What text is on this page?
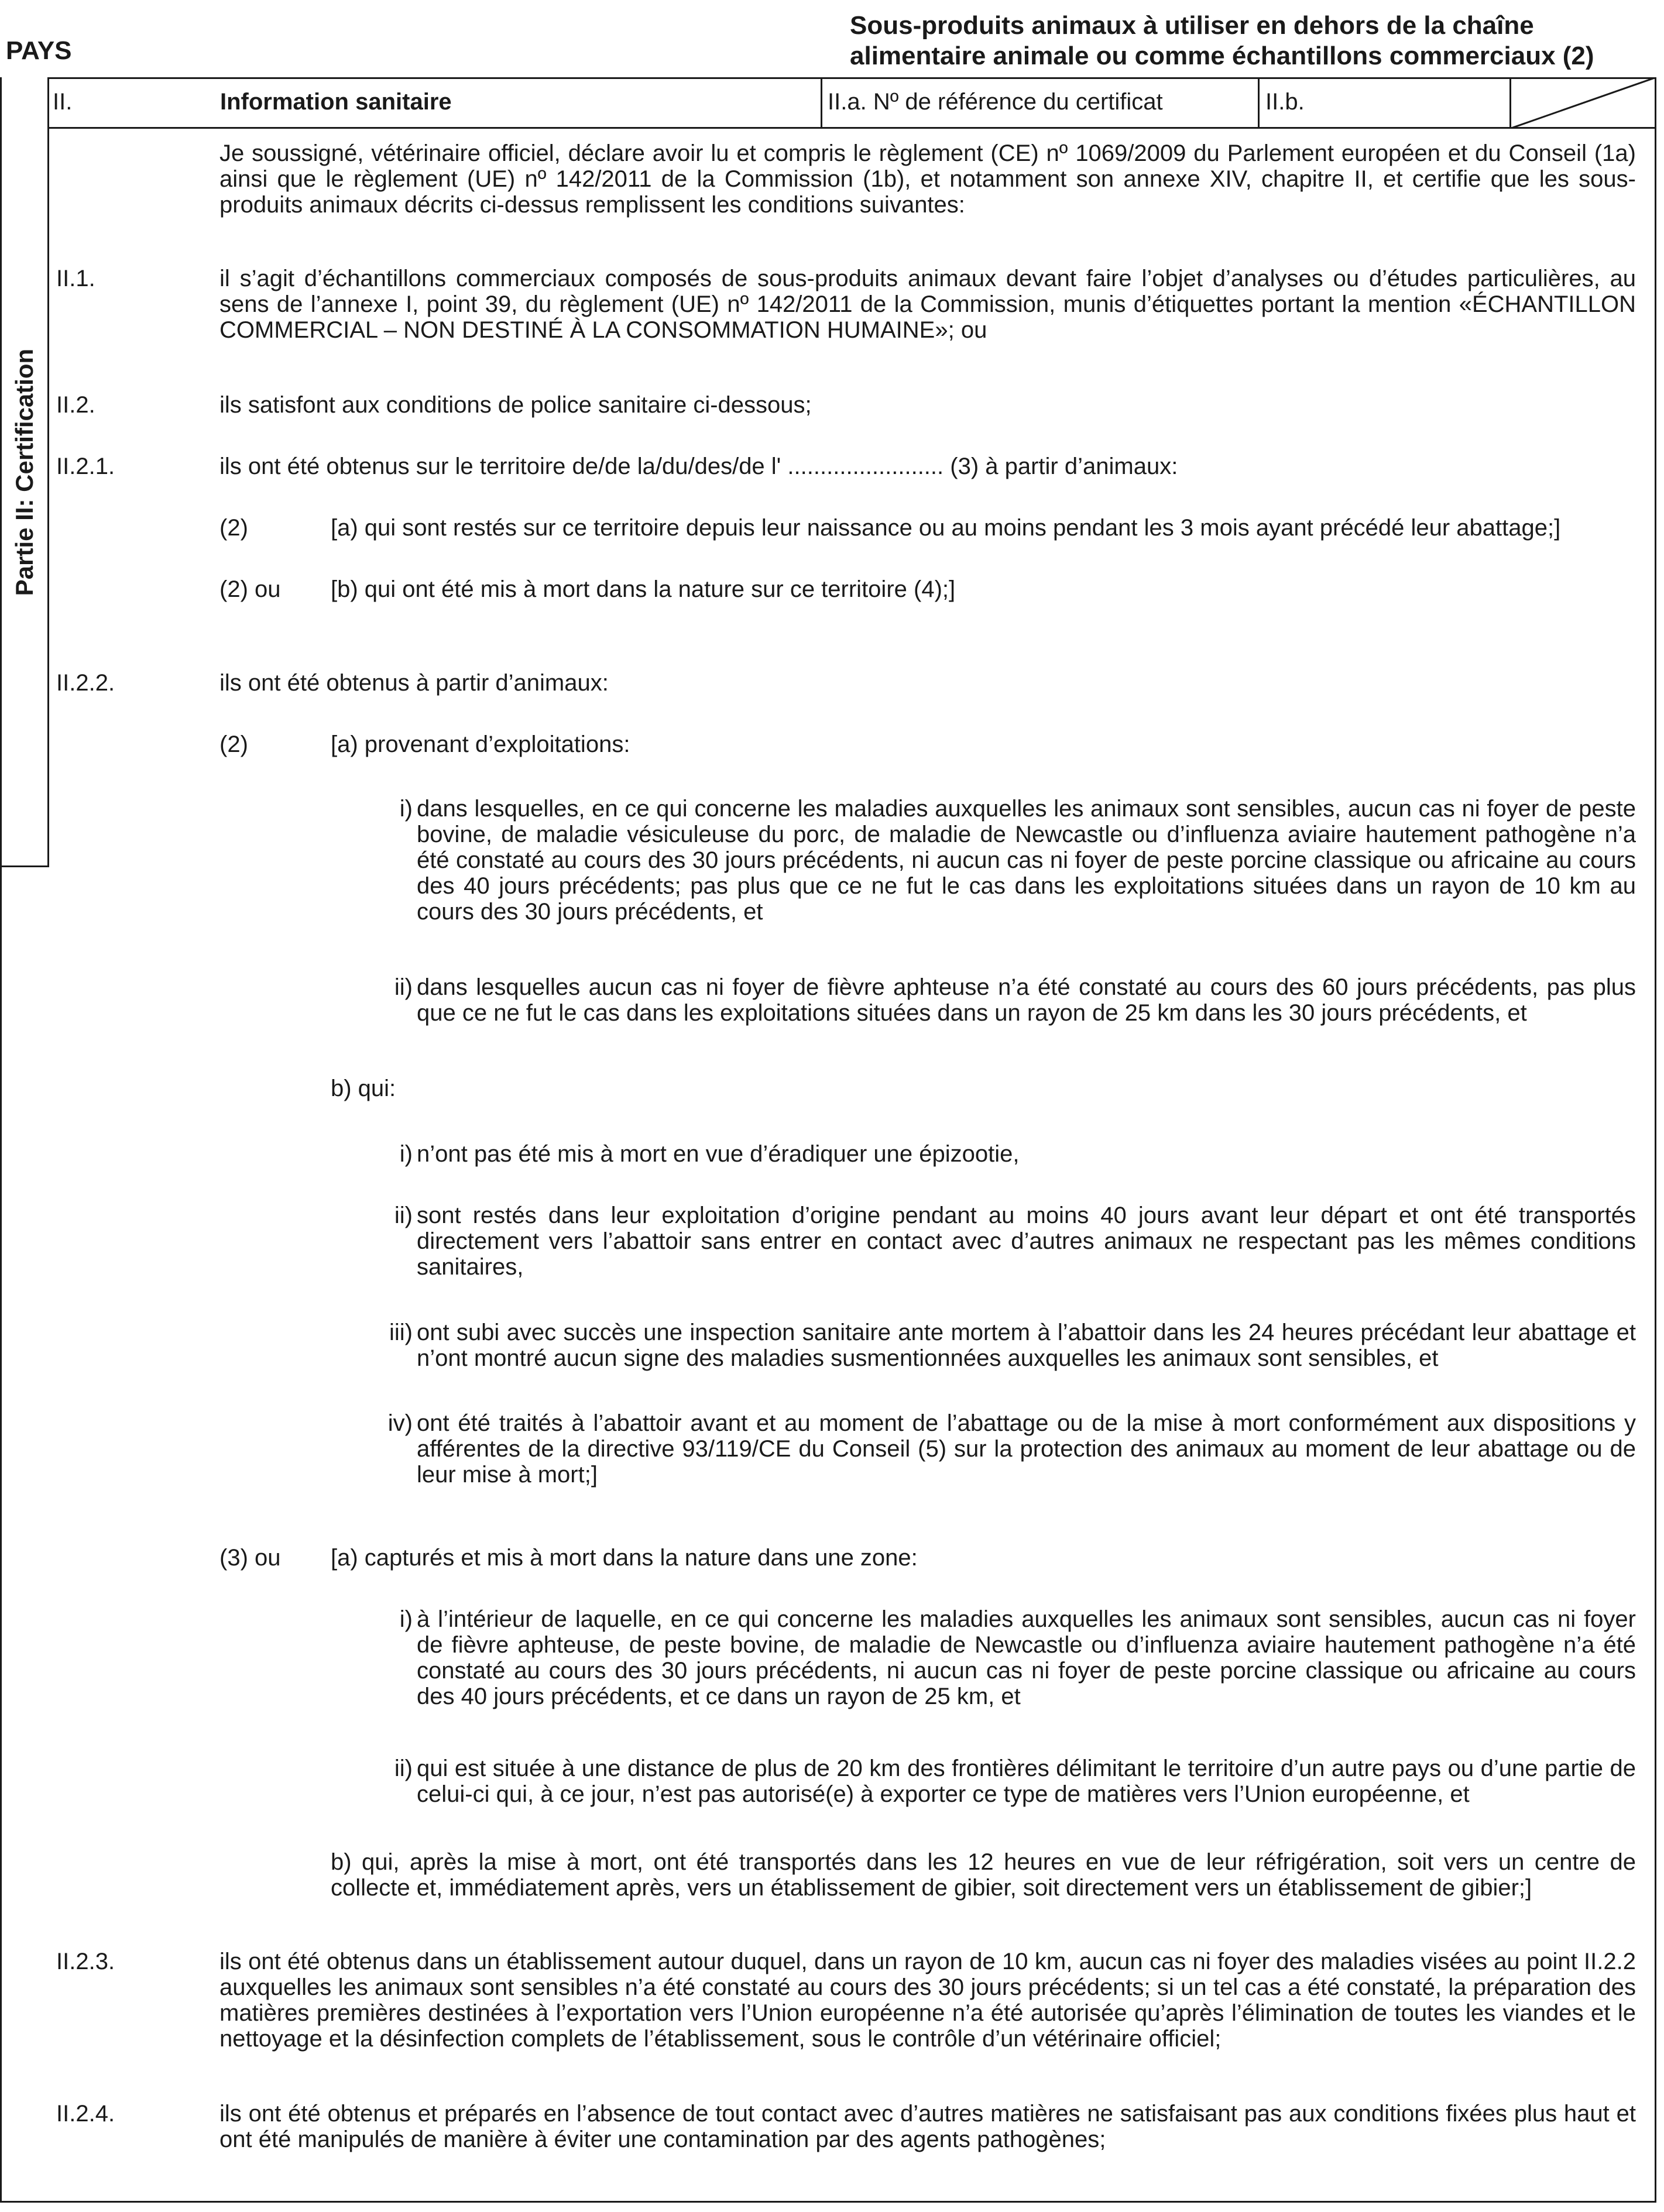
PAYS
Sous-produits animaux à utiliser en dehors de la chaîne alimentaire animale ou comme échantillons commerciaux (2)
Partie II: Certification
II.	Information sanitaire	II.a. Nº de référence du certificat	II.b.
Je soussigné, vétérinaire officiel, déclare avoir lu et compris le règlement (CE) nº 1069/2009 du Parlement européen et du Conseil (1a) ainsi que le règlement (UE) nº 142/2011 de la Commission (1b), et notamment son annexe XIV, chapitre II, et certifie que les sous-produits animaux décrits ci-dessus remplissent les conditions suivantes:
II.1.	il s’agit d’échantillons commerciaux composés de sous-produits animaux devant faire l’objet d’analyses ou d’études particulières, au sens de l’annexe I, point 39, du règlement (UE) nº 142/2011 de la Commission, munis d’étiquettes portant la mention «ÉCHANTILLON COMMERCIAL – NON DESTINÉ À LA CONSOMMATION HUMAINE»; ou
II.2.	ils satisfont aux conditions de police sanitaire ci-dessous;
II.2.1.	ils ont été obtenus sur le territoire de/de la/du/des/de l' ........................ (3) à partir d’animaux:
(2)	[a) qui sont restés sur ce territoire depuis leur naissance ou au moins pendant les 3 mois ayant précédé leur abattage;]
(2) ou [b) qui ont été mis à mort dans la nature sur ce territoire (4);]
II.2.2.	ils ont été obtenus à partir d’animaux:
(2)	[a) provenant d’exploitations:
i) dans lesquelles, en ce qui concerne les maladies auxquelles les animaux sont sensibles, aucun cas ni foyer de peste bovine, de maladie vésiculeuse du porc, de maladie de Newcastle ou d’influenza aviaire hautement pathogène n’a été constaté au cours des 30 jours précédents, ni aucun cas ni foyer de peste porcine classique ou africaine au cours des 40 jours précédents; pas plus que ce ne fut le cas dans les exploitations situées dans un rayon de 10 km au cours des 30 jours précédents, et
ii) dans lesquelles aucun cas ni foyer de fièvre aphteuse n’a été constaté au cours des 60 jours précédents, pas plus que ce ne fut le cas dans les exploitations situées dans un rayon de 25 km dans les 30 jours précédents, et
b) qui:
i) n’ont pas été mis à mort en vue d’éradiquer une épizootie,
ii) sont restés dans leur exploitation d’origine pendant au moins 40 jours avant leur départ et ont été transportés directement vers l’abattoir sans entrer en contact avec d’autres animaux ne respectant pas les mêmes conditions sanitaires,
iii) ont subi avec succès une inspection sanitaire ante mortem à l’abattoir dans les 24 heures précédant leur abattage et n’ont montré aucun signe des maladies susmentionnées auxquelles les animaux sont sensibles, et
iv) ont été traités à l’abattoir avant et au moment de l’abattage ou de la mise à mort conformément aux dispositions y afférentes de la directive 93/119/CE du Conseil (5) sur la protection des animaux au moment de leur abattage ou de leur mise à mort;]
(3) ou [a) capturés et mis à mort dans la nature dans une zone:
i) à l’intérieur de laquelle, en ce qui concerne les maladies auxquelles les animaux sont sensibles, aucun cas ni foyer de fièvre aphteuse, de peste bovine, de maladie de Newcastle ou d’influenza aviaire hautement pathogène n’a été constaté au cours des 30 jours précédents, ni aucun cas ni foyer de peste porcine classique ou africaine au cours des 40 jours précédents, et ce dans un rayon de 25 km, et
ii) qui est située à une distance de plus de 20 km des frontières délimitant le territoire d’un autre pays ou d’une partie de celui-ci qui, à ce jour, n’est pas autorisé(e) à exporter ce type de matières vers l’Union européenne, et
b) qui, après la mise à mort, ont été transportés dans les 12 heures en vue de leur réfrigération, soit vers un centre de collecte et, immédiatement après, vers un établissement de gibier, soit directement vers un établissement de gibier;]
II.2.3.	ils ont été obtenus dans un établissement autour duquel, dans un rayon de 10 km, aucun cas ni foyer des maladies visées au point II.2.2 auxquelles les animaux sont sensibles n’a été constaté au cours des 30 jours précédents; si un tel cas a été constaté, la préparation des matières premières destinées à l’exportation vers l’Union européenne n’a été autorisée qu’après l’élimination de toutes les viandes et le nettoyage et la désinfection complets de l’établissement, sous le contrôle d’un vétérinaire officiel;
II.2.4.	ils ont été obtenus et préparés en l’absence de tout contact avec d’autres matières ne satisfaisant pas aux conditions fixées plus haut et ont été manipulés de manière à éviter une contamination par des agents pathogènes;
